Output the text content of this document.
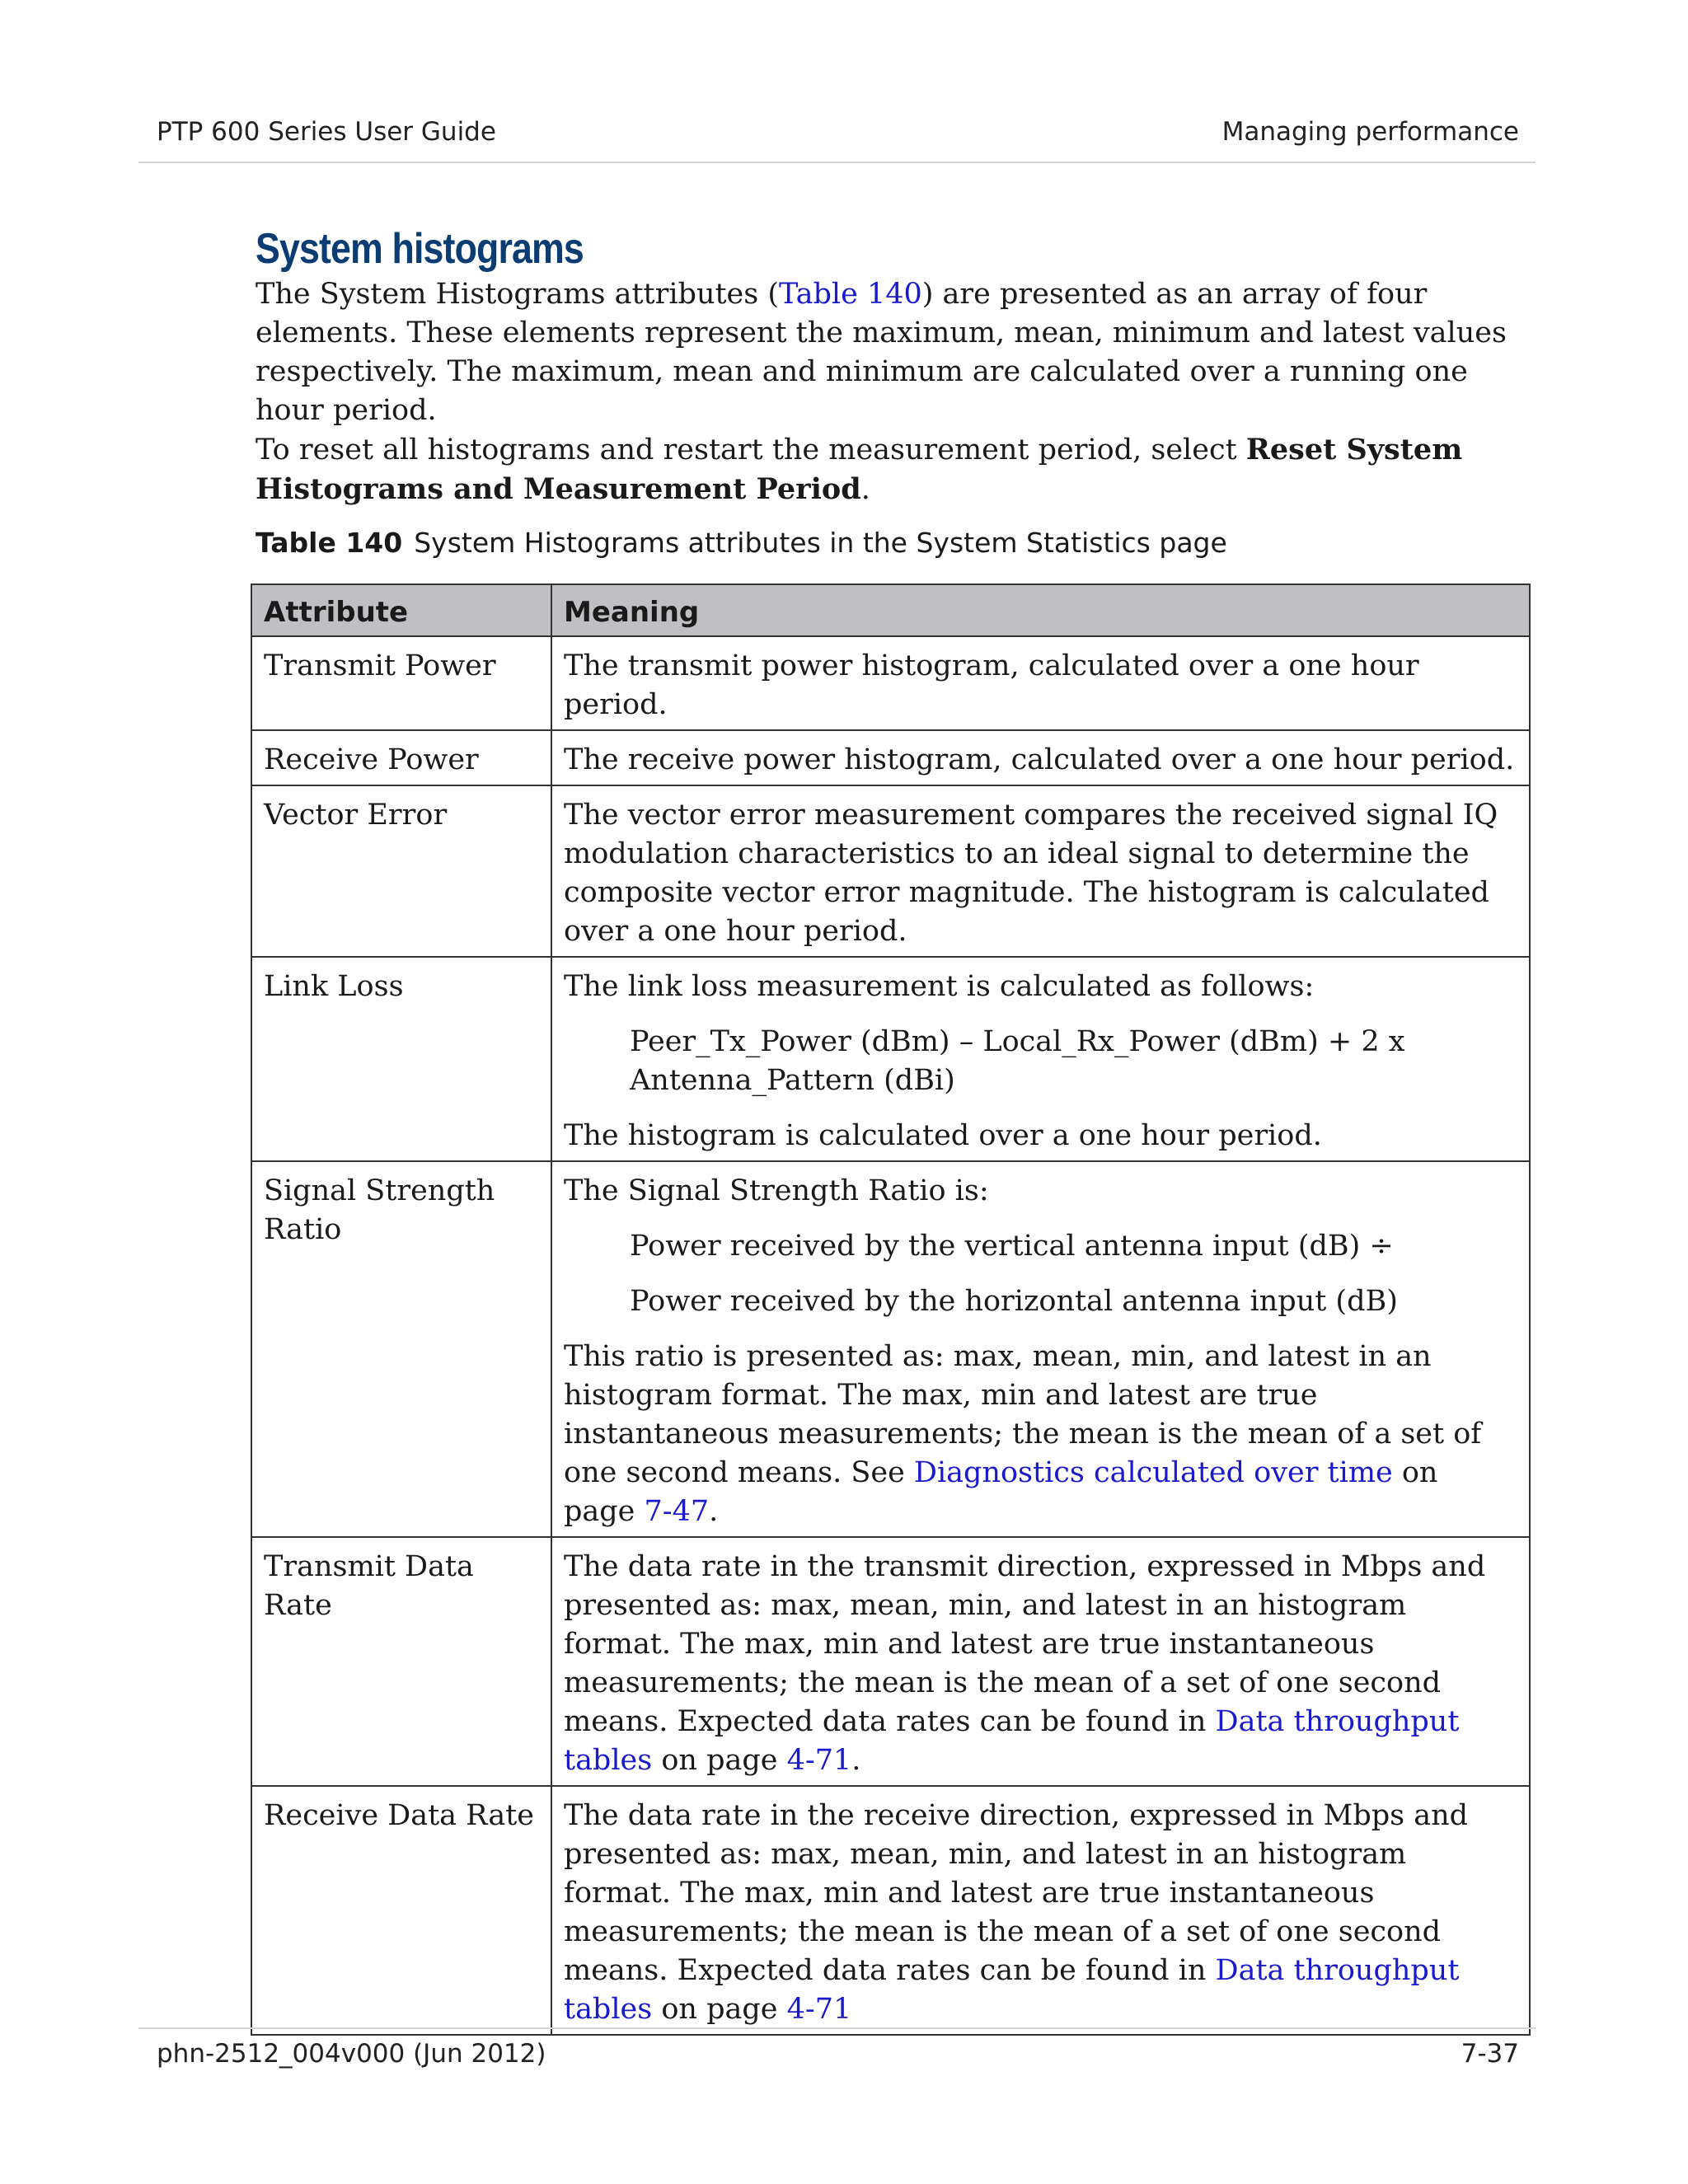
PTP 600 Series User Guide	Managing performance
System histograms

The System Histograms attributes (Table 140) are presented as an array of four elements. These elements represent the maximum, mean, minimum and latest values respectively. The maximum, mean and minimum are calculated over a running one hour period.

To reset all histograms and restart the measurement period, select Reset System Histograms and Measurement Period.

Table 140 System Histograms attributes in the System Statistics page
Attribute	Meaning
Transmit Power	The transmit power histogram, calculated over a one hour period.
Receive Power	The receive power histogram, calculated over a one hour period.
Vector Error	The vector error measurement compares the received signal IQ modulation characteristics to an ideal signal to determine the composite vector error magnitude. The histogram is calculated over a one hour period.
Link Loss	The link loss measurement is calculated as follows:

Peer_Tx_Power (dBm) – Local_Rx_Power (dBm) + 2 x Antenna_Pattern (dBi)

The histogram is calculated over a one hour period.

Signal Strength Ratio	The Signal Strength Ratio is:

Power received by the vertical antenna input (dB) ÷

Power received by the horizontal antenna input (dB)

This ratio is presented as: max, mean, min, and latest in an histogram format. The max, min and latest are true instantaneous measurements; the mean is the mean of a set of one second means. See Diagnostics calculated over time on page 7-47.

Transmit Data Rate	The data rate in the transmit direction, expressed in Mbps and presented as: max, mean, min, and latest in an histogram format. The max, min and latest are true instantaneous measurements; the mean is the mean of a set of one second means. Expected data rates can be found in Data throughput tables on page 4-71.
Receive Data Rate	The data rate in the receive direction, expressed in Mbps and presented as: max, mean, min, and latest in an histogram format. The max, min and latest are true instantaneous measurements; the mean is the mean of a set of one second means. Expected data rates can be found in Data throughput tables on page 4-71
phn-2512_004v000 (Jun 2012)	7-37
